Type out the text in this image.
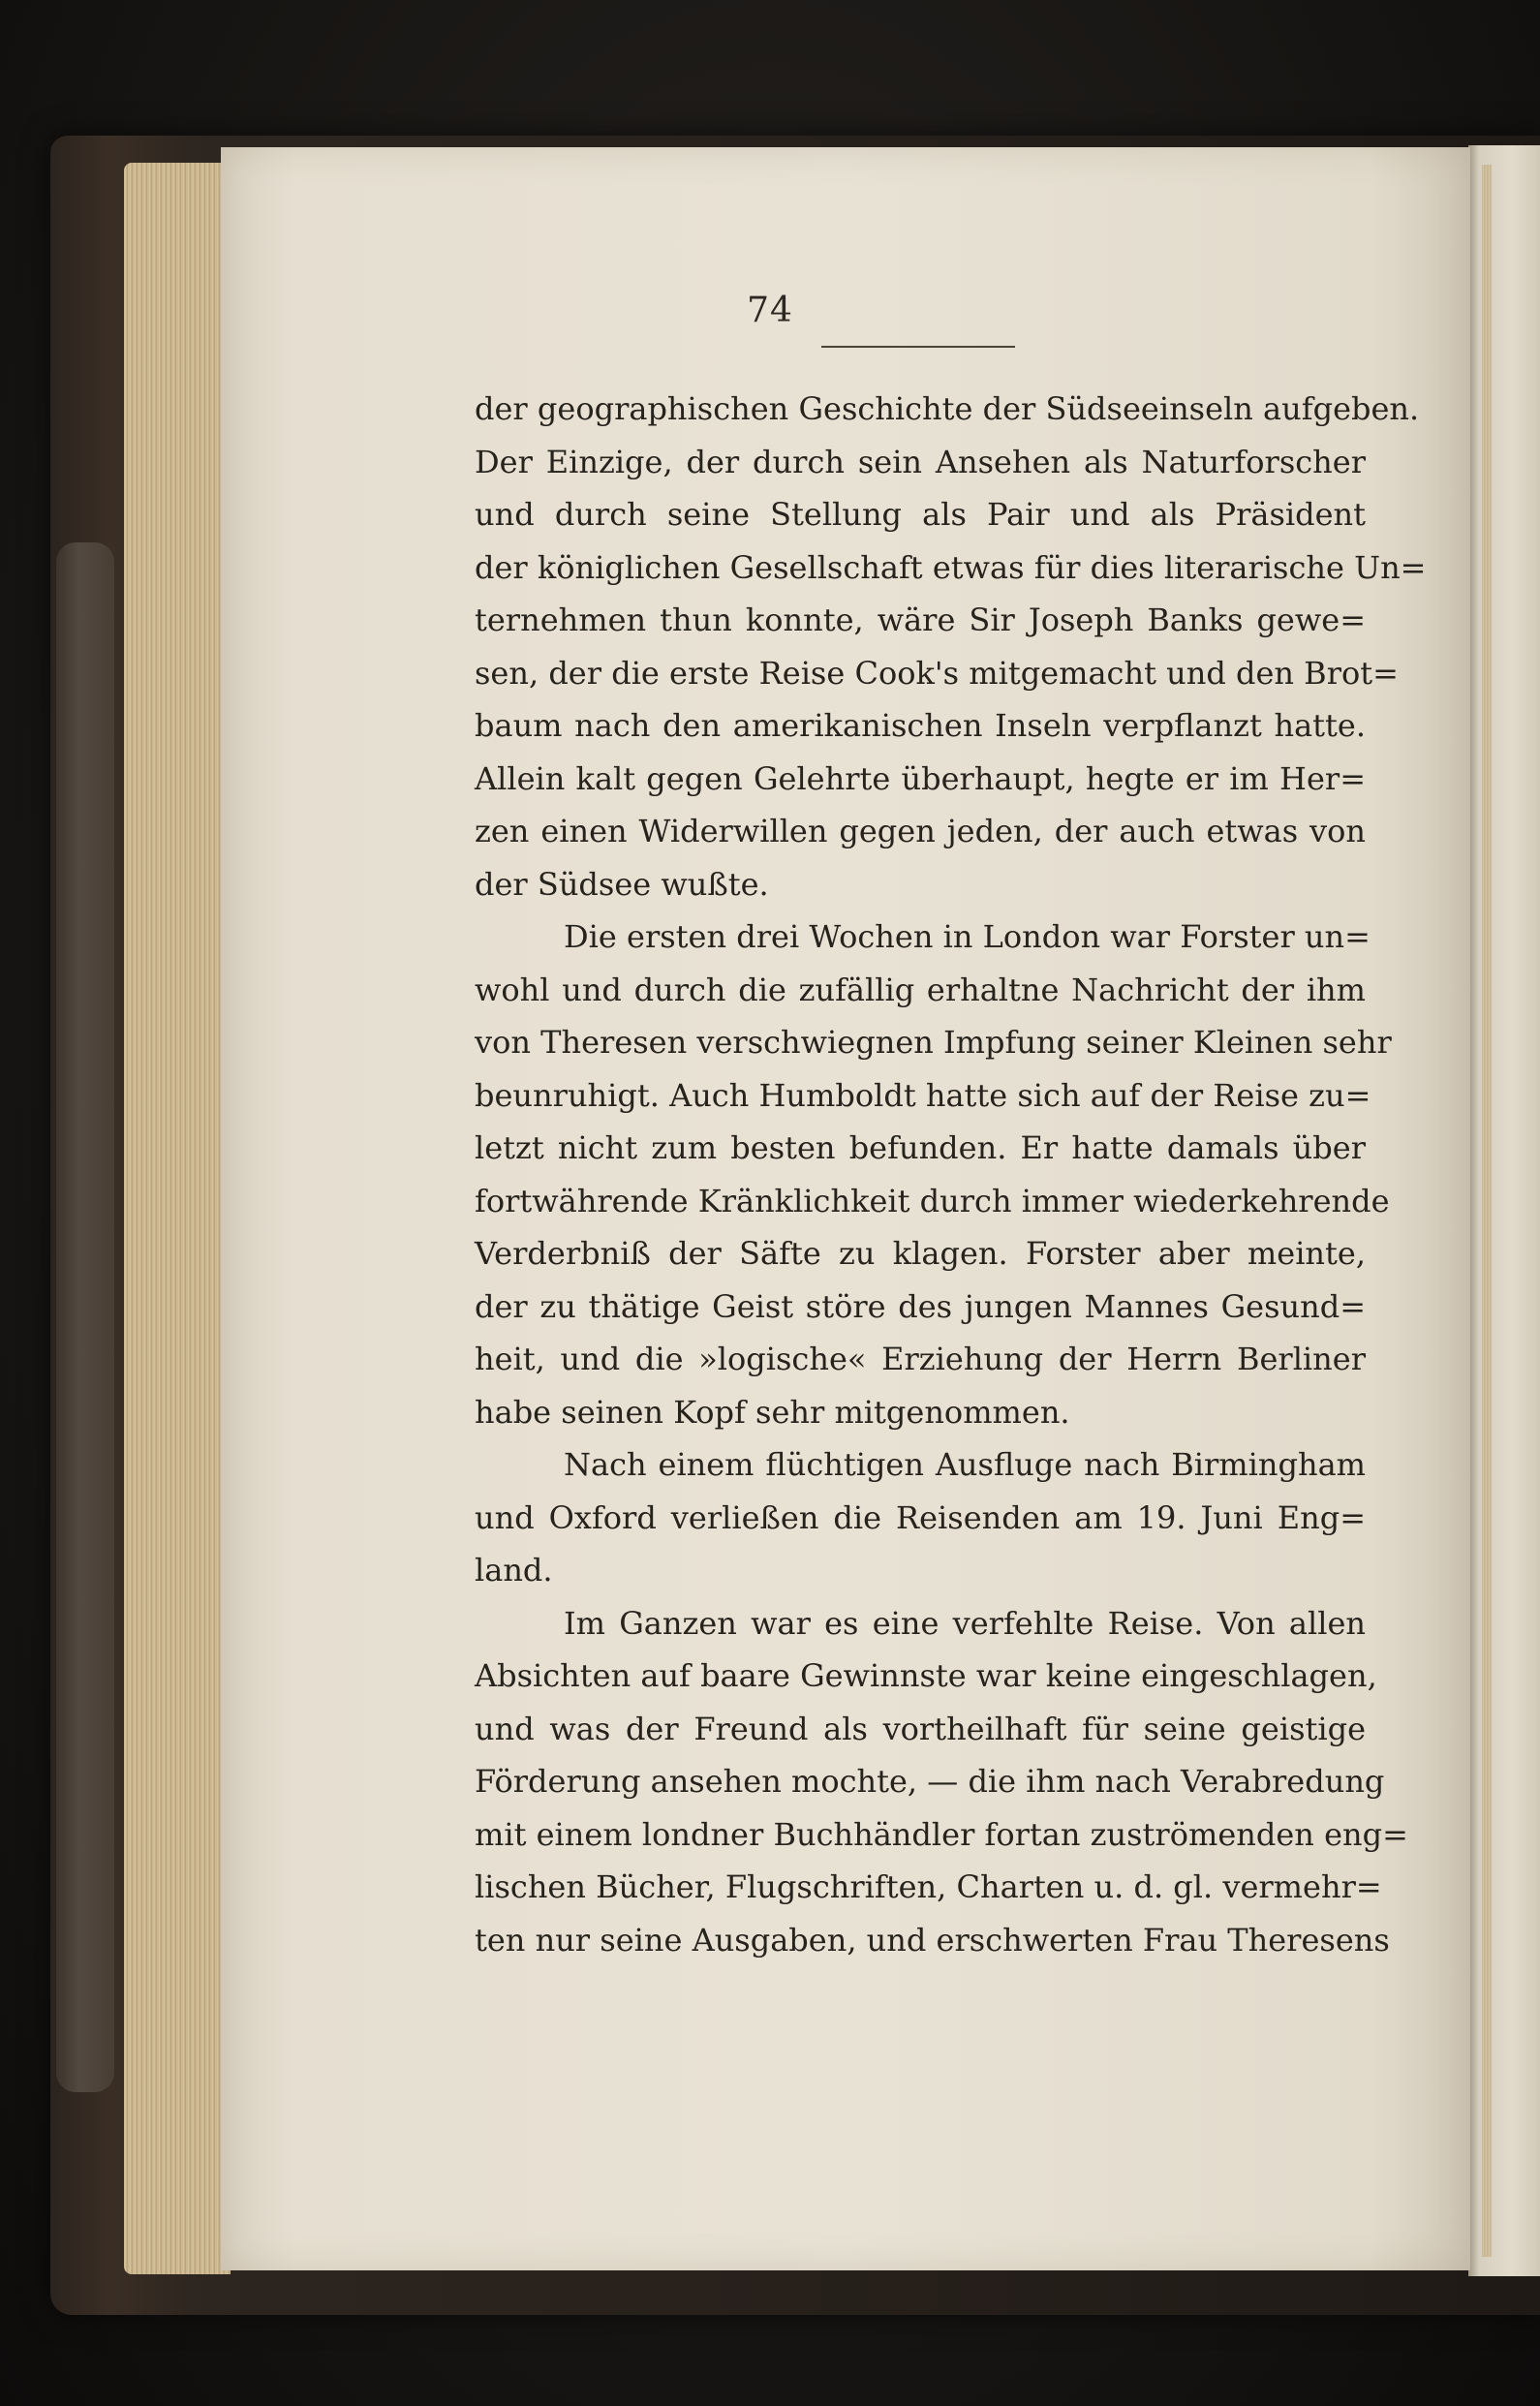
74
der geographischen Geschichte der Südseeinseln aufgeben.
Der Einzige, der durch sein Ansehen als Naturforscher
und durch seine Stellung als Pair und als Präsident
der königlichen Gesellschaft etwas für dies literarische Un=
ternehmen thun konnte, wäre Sir Joseph Banks gewe=
sen, der die erste Reise Cook's mitgemacht und den Brot=
baum nach den amerikanischen Inseln verpflanzt hatte.
Allein kalt gegen Gelehrte überhaupt, hegte er im Her=
zen einen Widerwillen gegen jeden, der auch etwas von
der Südsee wußte.
Die ersten drei Wochen in London war Forster un=
wohl und durch die zufällig erhaltne Nachricht der ihm
von Theresen verschwiegnen Impfung seiner Kleinen sehr
beunruhigt. Auch Humboldt hatte sich auf der Reise zu=
letzt nicht zum besten befunden. Er hatte damals über
fortwährende Kränklichkeit durch immer wiederkehrende
Verderbniß der Säfte zu klagen. Forster aber meinte,
der zu thätige Geist störe des jungen Mannes Gesund=
heit, und die »logische« Erziehung der Herrn Berliner
habe seinen Kopf sehr mitgenommen.
Nach einem flüchtigen Ausfluge nach Birmingham
und Oxford verließen die Reisenden am 19. Juni Eng=
land.
Im Ganzen war es eine verfehlte Reise. Von allen
Absichten auf baare Gewinnste war keine eingeschlagen,
und was der Freund als vortheilhaft für seine geistige
Förderung ansehen mochte, — die ihm nach Verabredung
mit einem londner Buchhändler fortan zuströmenden eng=
lischen Bücher, Flugschriften, Charten u. d. gl. vermehr=
ten nur seine Ausgaben, und erschwerten Frau Theresens
